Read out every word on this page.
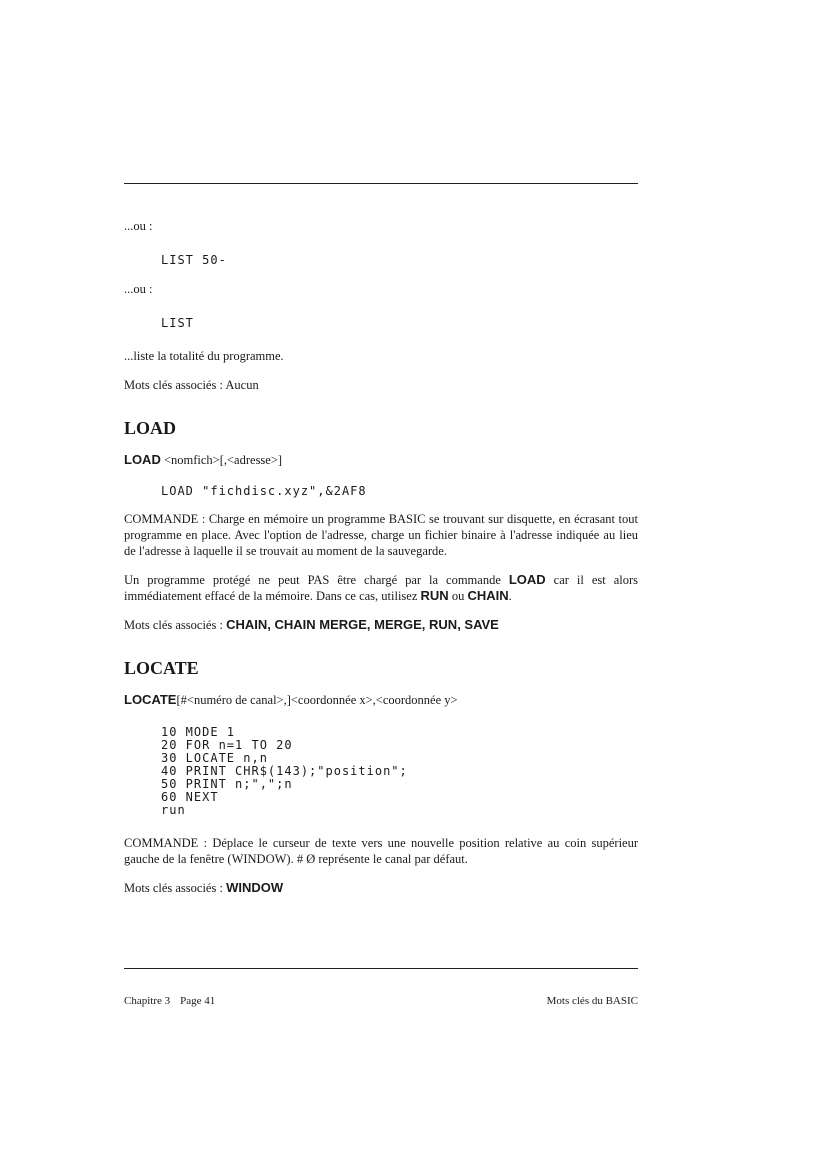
...ou :

LIST 50-

...ou :

LIST

...liste la totalité du programme.

Mots clés associés : Aucun

LOAD

LOAD <nomfich>[,<adresse>]

LOAD "fichdisc.xyz",&2AF8

COMMANDE : Charge en mémoire un programme BASIC se trouvant sur disquette, en écrasant tout programme en place. Avec l'option de l'adresse, charge un fichier binaire à l'adresse indiquée au lieu de l'adresse à laquelle il se trouvait au moment de la sauvegarde.

Un programme protégé ne peut PAS être chargé par la commande LOAD car il est alors immédiatement effacé de la mémoire. Dans ce cas, utilisez RUN ou CHAIN.

Mots clés associés : CHAIN, CHAIN MERGE, MERGE, RUN, SAVE

LOCATE

LOCATE[#<numéro de canal>,]<coordonnée x>,<coordonnée y>

10 MODE 1

20 FOR n=1 TO 20

30 LOCATE n,n

40 PRINT CHR$(143);"position";

50 PRINT n;",";n

60 NEXT

run

COMMANDE : Déplace le curseur de texte vers une nouvelle position relative au coin supérieur gauche de la fenêtre (WINDOW). # Ø représente le canal par défaut.

Mots clés associés : WINDOW

Chapitre 3 Page 41	Mots clés du BASIC
